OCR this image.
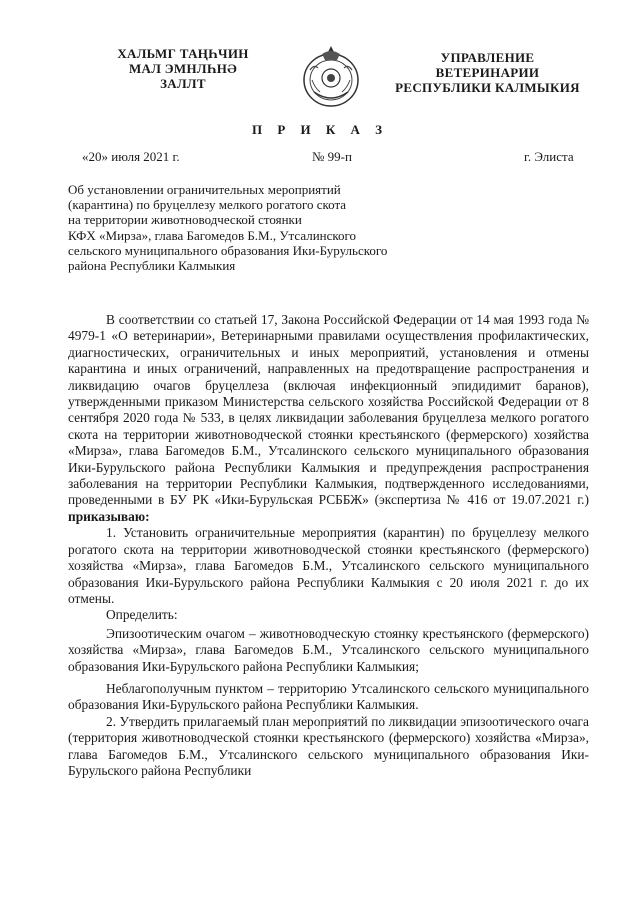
ХАЛЬМГ ТАҢҺЧИН
МАЛ ЭМНЛҺНӘ
ЗАЛЛТ
УПРАВЛЕНИЕ
ВЕТЕРИНАРИИ
РЕСПУБЛИКИ КАЛМЫКИЯ
П Р И К А З
«20» июля 2021 г.	№ 99-п	г. Элиста
Об установлении ограничительных мероприятий
(карантина) по бруцеллезу мелкого рогатого скота
на территории животноводческой стоянки
КФХ «Мирза», глава Багомедов Б.М., Утсалинского
сельского муниципального образования Ики-Бурульского
района Республики Калмыкия

В соответствии со статьей 17, Закона Российской Федерации от 14 мая 1993 года № 4979-1 «О ветеринарии», Ветеринарными правилами осуществления профилактических, диагностических, ограничительных и иных мероприятий, установления и отмены карантина и иных ограничений, направленных на предотвращение распространения и ликвидацию очагов бруцеллеза (включая инфекционный эпидидимит баранов), утвержденными приказом Министерства сельского хозяйства Российской Федерации от 8 сентября 2020 года № 533, в целях ликвидации заболевания бруцеллеза мелкого рогатого скота на территории животноводческой стоянки крестьянского (фермерского) хозяйства «Мирза», глава Багомедов Б.М., Утсалинского сельского муниципального образования Ики-Бурульского района Республики Калмыкия и предупреждения распространения заболевания на территории Республики Калмыкия, подтвержденного исследованиями, проведенными в БУ РК «Ики-Бурульская РСББЖ» (экспертиза № 416 от 19.07.2021 г.) приказываю:

1. Установить ограничительные мероприятия (карантин) по бруцеллезу мелкого рогатого скота на территории животноводческой стоянки крестьянского (фермерского) хозяйства «Мирза», глава Багомедов Б.М., Утсалинского сельского муниципального образования Ики-Бурульского района Республики Калмыкия с 20 июля 2021 г. до их отмены.

Определить:

Эпизоотическим очагом – животноводческую стоянку крестьянского (фермерского) хозяйства «Мирза», глава Багомедов Б.М., Утсалинского сельского муниципального образования Ики-Бурульского района Республики Калмыкия;

Неблагополучным пунктом – территорию Утсалинского сельского муниципального образования Ики-Бурульского района Республики Калмыкия.

2. Утвердить прилагаемый план мероприятий по ликвидации эпизоотического очага (территория животноводческой стоянки крестьянского (фермерского) хозяйства «Мирза», глава Багомедов Б.М., Утсалинского сельского муниципального образования Ики-Бурульского района Республики
